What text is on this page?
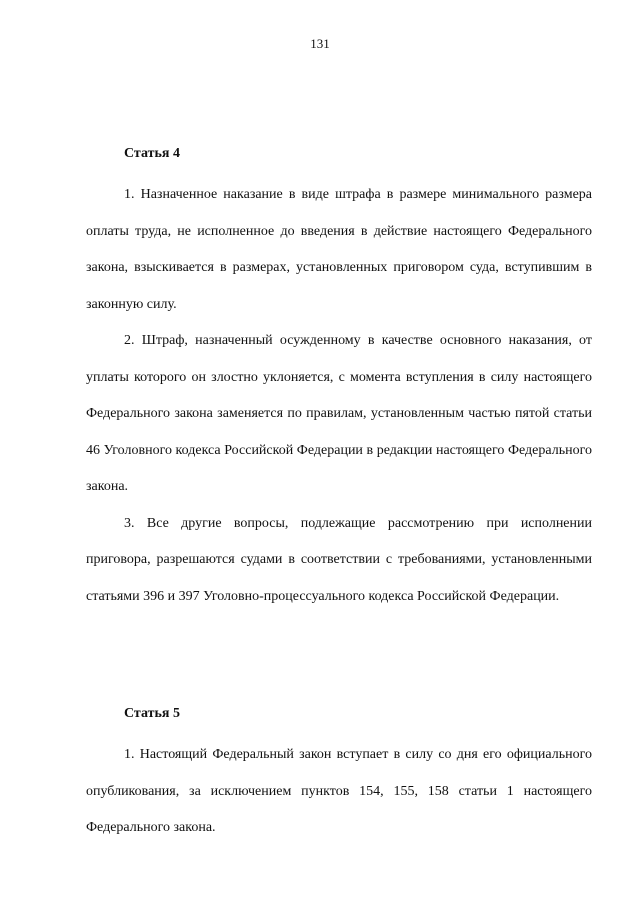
131
Статья 4

1. Назначенное наказание в виде штрафа в размере минимального размера оплаты труда, не исполненное до введения в действие настоящего Федерального закона, взыскивается в размерах, установленных приговором суда, вступившим в законную силу.

2. Штраф, назначенный осужденному в качестве основного наказания, от уплаты которого он злостно уклоняется, с момента вступления в силу настоящего Федерального закона заменяется по правилам, установленным частью пятой статьи 46 Уголовного кодекса Российской Федерации в редакции настоящего Федерального закона.

3. Все другие вопросы, подлежащие рассмотрению при исполнении приговора, разрешаются судами в соответствии с требованиями, установленными статьями 396 и 397 Уголовно-процессуального кодекса Российской Федерации.

Статья 5

1. Настоящий Федеральный закон вступает в силу со дня его официального опубликования, за исключением пунктов 154, 155, 158 статьи 1 настоящего Федерального закона.
